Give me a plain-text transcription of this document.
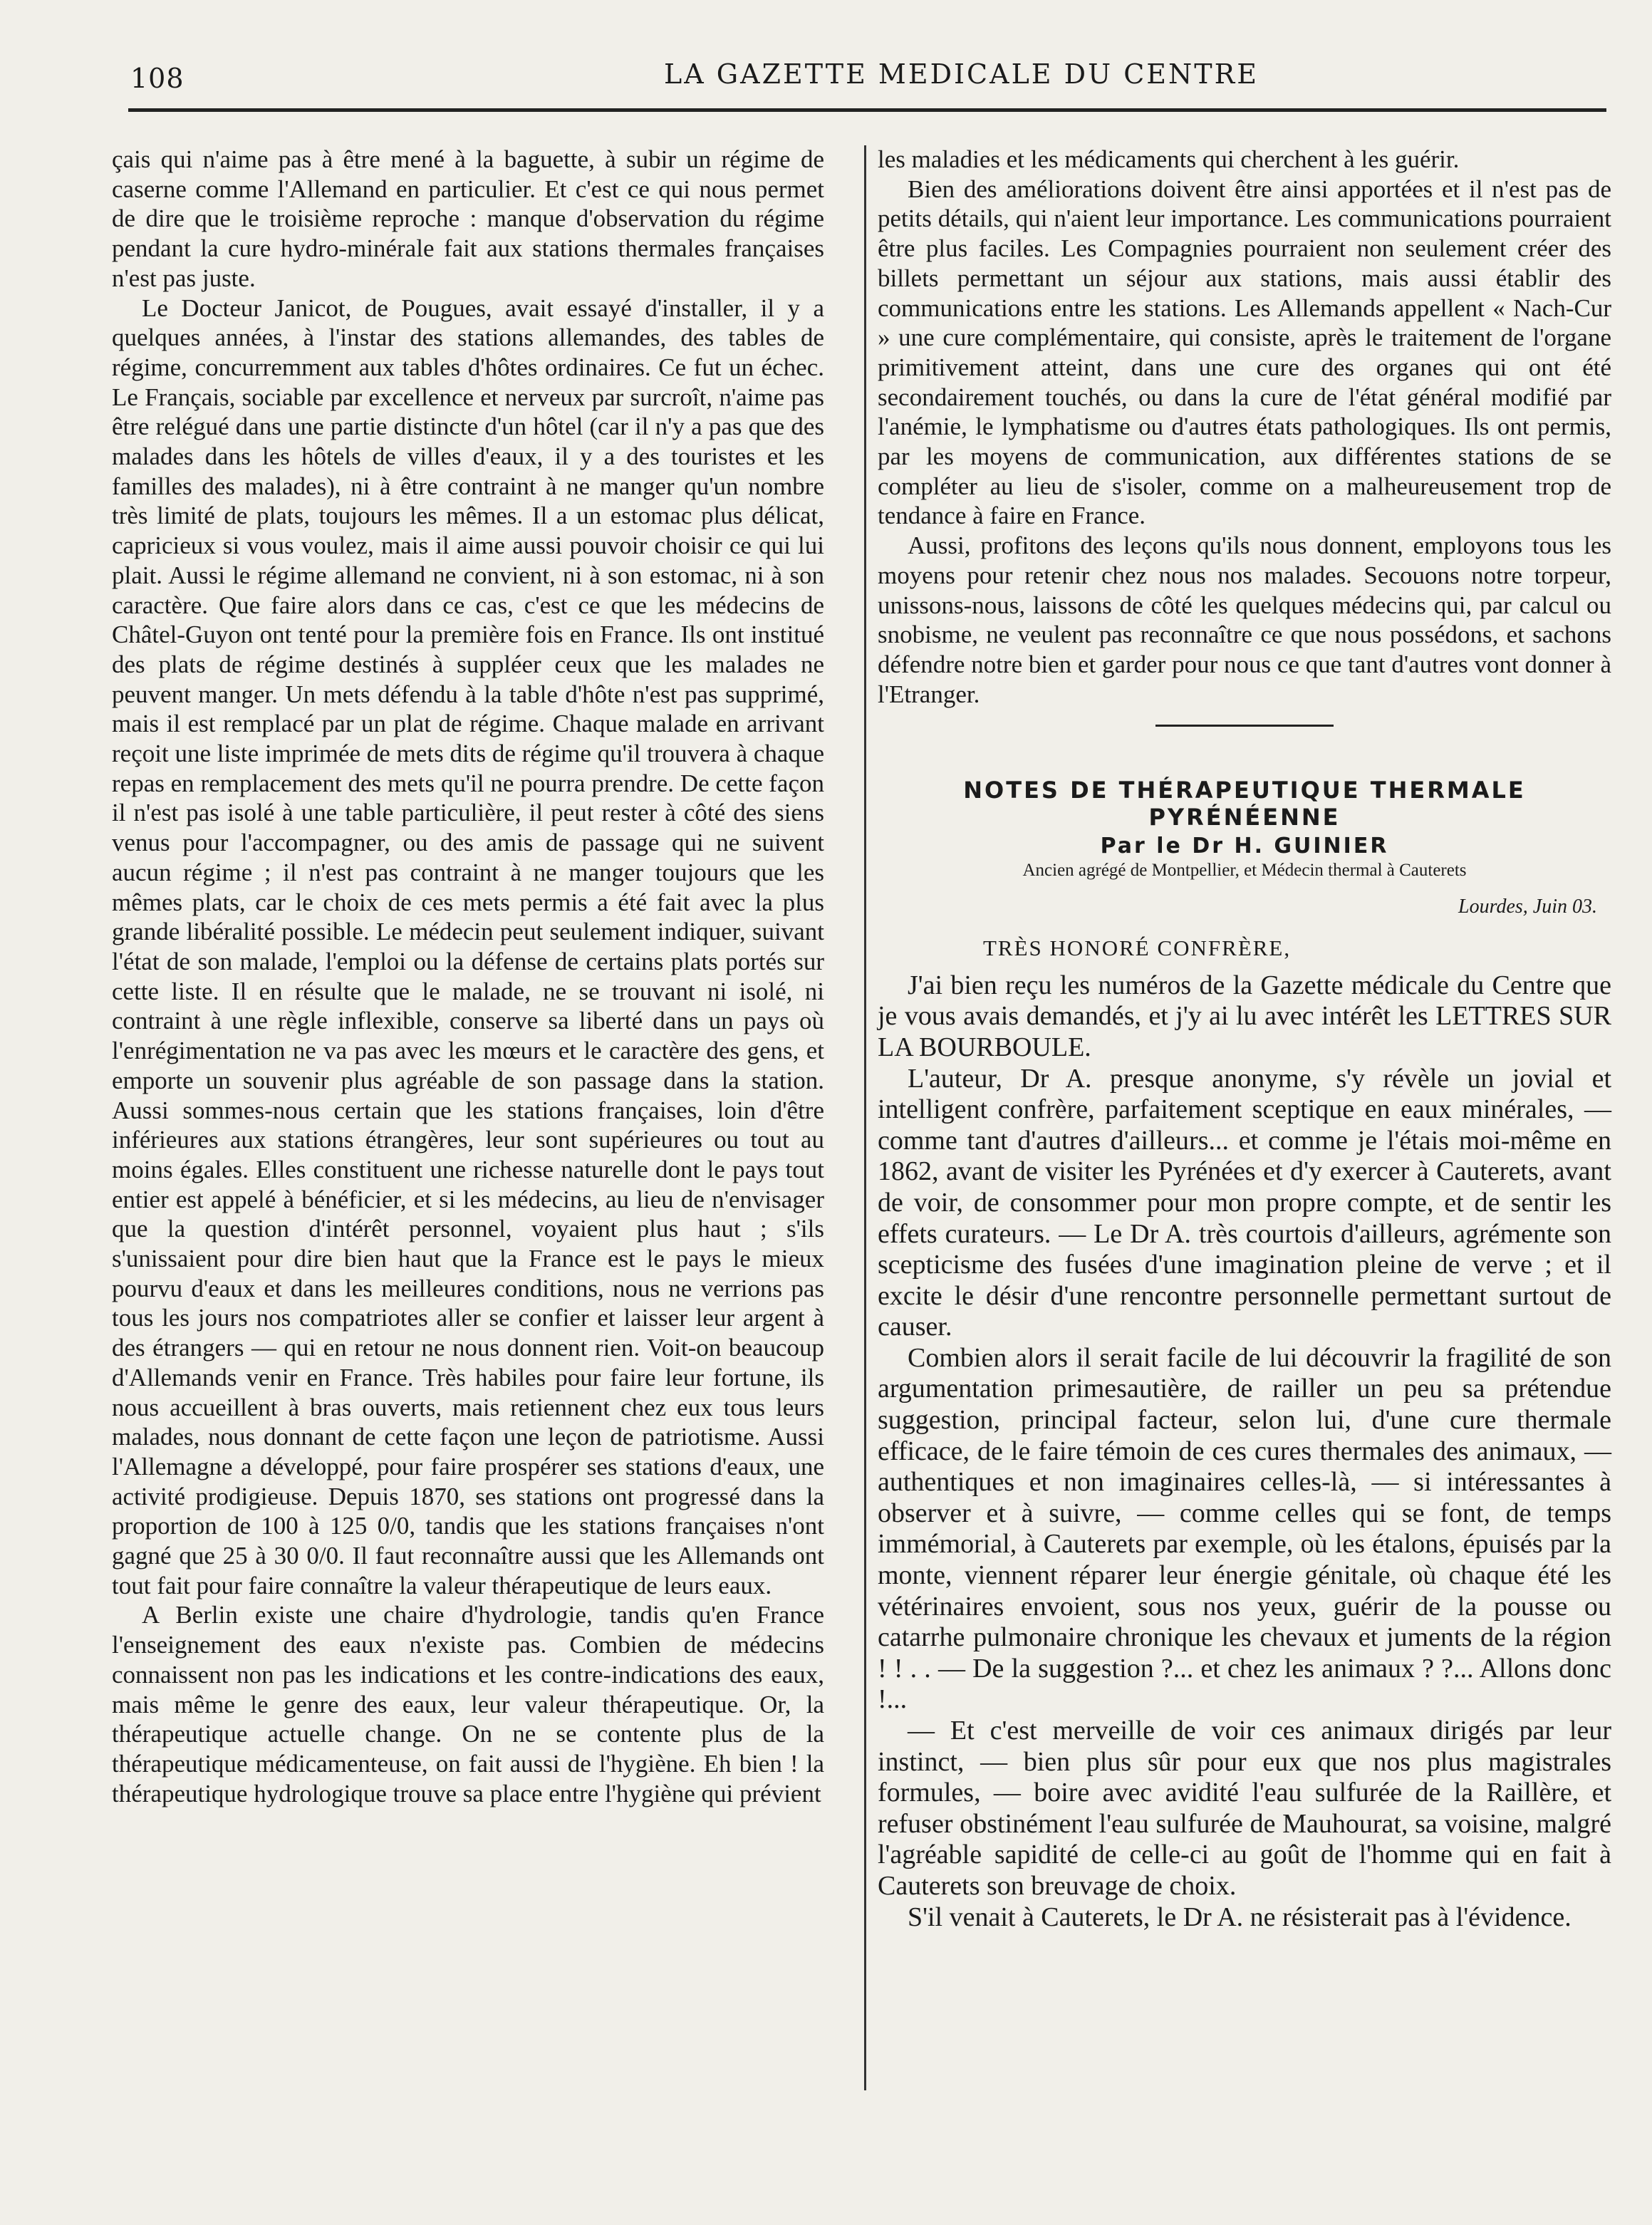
108	LA GAZETTE MEDICALE DU CENTRE

çais qui n'aime pas à être mené à la baguette, à subir un régime de caserne comme l'Allemand en particulier. Et c'est ce qui nous permet de dire que le troisième reproche : manque d'observation du régime pendant la cure hydro-minérale fait aux stations thermales françaises n'est pas juste.

Le Docteur Janicot, de Pougues, avait essayé d'installer, il y a quelques années, à l'instar des stations allemandes, des tables de régime, concurremment aux tables d'hôtes ordinaires. Ce fut un échec. Le Français, sociable par excellence et nerveux par surcroît, n'aime pas être relégué dans une partie distincte d'un hôtel (car il n'y a pas que des malades dans les hôtels de villes d'eaux, il y a des touristes et les familles des malades), ni à être contraint à ne manger qu'un nombre très limité de plats, toujours les mêmes. Il a un estomac plus délicat, capricieux si vous voulez, mais il aime aussi pouvoir choisir ce qui lui plait. Aussi le régime allemand ne convient, ni à son estomac, ni à son caractère. Que faire alors dans ce cas, c'est ce que les médecins de Châtel-Guyon ont tenté pour la première fois en France. Ils ont institué des plats de régime destinés à suppléer ceux que les malades ne peuvent manger. Un mets défendu à la table d'hôte n'est pas supprimé, mais il est remplacé par un plat de régime. Chaque malade en arrivant reçoit une liste imprimée de mets dits de régime qu'il trouvera à chaque repas en remplacement des mets qu'il ne pourra prendre. De cette façon il n'est pas isolé à une table particulière, il peut rester à côté des siens venus pour l'accompagner, ou des amis de passage qui ne suivent aucun régime ; il n'est pas contraint à ne manger toujours que les mêmes plats, car le choix de ces mets permis a été fait avec la plus grande libéralité possible. Le médecin peut seulement indiquer, suivant l'état de son malade, l'emploi ou la défense de certains plats portés sur cette liste. Il en résulte que le malade, ne se trouvant ni isolé, ni contraint à une règle inflexible, conserve sa liberté dans un pays où l'enrégimentation ne va pas avec les mœurs et le caractère des gens, et emporte un souvenir plus agréable de son passage dans la station. Aussi sommes-nous certain que les stations françaises, loin d'être inférieures aux stations étrangères, leur sont supérieures ou tout au moins égales. Elles constituent une richesse naturelle dont le pays tout entier est appelé à bénéficier, et si les médecins, au lieu de n'envisager que la question d'intérêt personnel, voyaient plus haut ; s'ils s'unissaient pour dire bien haut que la France est le pays le mieux pourvu d'eaux et dans les meilleures conditions, nous ne verrions pas tous les jours nos compatriotes aller se confier et laisser leur argent à des étrangers — qui en retour ne nous donnent rien. Voit-on beaucoup d'Allemands venir en France. Très habiles pour faire leur fortune, ils nous accueillent à bras ouverts, mais retiennent chez eux tous leurs malades, nous donnant de cette façon une leçon de patriotisme. Aussi l'Allemagne a développé, pour faire prospérer ses stations d'eaux, une activité prodigieuse. Depuis 1870, ses stations ont progressé dans la proportion de 100 à 125 0/0, tandis que les stations françaises n'ont gagné que 25 à 30 0/0. Il faut reconnaître aussi que les Allemands ont tout fait pour faire connaître la valeur thérapeutique de leurs eaux.

A Berlin existe une chaire d'hydrologie, tandis qu'en France l'enseignement des eaux n'existe pas. Combien de médecins connaissent non pas les indications et les contre-indications des eaux, mais même le genre des eaux, leur valeur thérapeutique. Or, la thérapeutique actuelle change. On ne se contente plus de la thérapeutique médicamenteuse, on fait aussi de l'hygiène. Eh bien ! la thérapeutique hydrologique trouve sa place entre l'hygiène qui prévient

les maladies et les médicaments qui cherchent à les guérir.

Bien des améliorations doivent être ainsi apportées et il n'est pas de petits détails, qui n'aient leur importance. Les communications pourraient être plus faciles. Les Compagnies pourraient non seulement créer des billets permettant un séjour aux stations, mais aussi établir des communications entre les stations. Les Allemands appellent « Nach-Cur » une cure complémentaire, qui consiste, après le traitement de l'organe primitivement atteint, dans une cure des organes qui ont été secondairement touchés, ou dans la cure de l'état général modifié par l'anémie, le lymphatisme ou d'autres états pathologiques. Ils ont permis, par les moyens de communication, aux différentes stations de se compléter au lieu de s'isoler, comme on a malheureusement trop de tendance à faire en France.

Aussi, profitons des leçons qu'ils nous donnent, employons tous les moyens pour retenir chez nous nos malades. Secouons notre torpeur, unissons-nous, laissons de côté les quelques médecins qui, par calcul ou snobisme, ne veulent pas reconnaître ce que nous possédons, et sachons défendre notre bien et garder pour nous ce que tant d'autres vont donner à l'Etranger.

NOTES DE THÉRAPEUTIQUE THERMALE
PYRÉNÉENNE
Par le Dr H. GUINIER
Ancien agrégé de Montpellier, et Médecin thermal à Cauterets
Lourdes, Juin 03.
TRÈS HONORÉ CONFRÈRE,

J'ai bien reçu les numéros de la Gazette médicale du Centre que je vous avais demandés, et j'y ai lu avec intérêt les LETTRES SUR LA BOURBOULE.

L'auteur, Dr A. presque anonyme, s'y révèle un jovial et intelligent confrère, parfaitement sceptique en eaux minérales, — comme tant d'autres d'ailleurs... et comme je l'étais moi-même en 1862, avant de visiter les Pyrénées et d'y exercer à Cauterets, avant de voir, de consommer pour mon propre compte, et de sentir les effets curateurs. — Le Dr A. très courtois d'ailleurs, agrémente son scepticisme des fusées d'une imagination pleine de verve ; et il excite le désir d'une rencontre personnelle permettant surtout de causer.

Combien alors il serait facile de lui découvrir la fragilité de son argumentation primesautière, de railler un peu sa prétendue suggestion, principal facteur, selon lui, d'une cure thermale efficace, de le faire témoin de ces cures thermales des animaux, — authentiques et non imaginaires celles-là, — si intéressantes à observer et à suivre, — comme celles qui se font, de temps immémorial, à Cauterets par exemple, où les étalons, épuisés par la monte, viennent réparer leur énergie génitale, où chaque été les vétérinaires envoient, sous nos yeux, guérir de la pousse ou catarrhe pulmonaire chronique les chevaux et juments de la région ! ! . . — De la suggestion ?... et chez les animaux ? ?... Allons donc !...

— Et c'est merveille de voir ces animaux dirigés par leur instinct, — bien plus sûr pour eux que nos plus magistrales formules, — boire avec avidité l'eau sulfurée de la Raillère, et refuser obstinément l'eau sulfurée de Mauhourat, sa voisine, malgré l'agréable sapidité de celle-ci au goût de l'homme qui en fait à Cauterets son breuvage de choix.

S'il venait à Cauterets, le Dr A. ne résisterait pas à l'évidence.
